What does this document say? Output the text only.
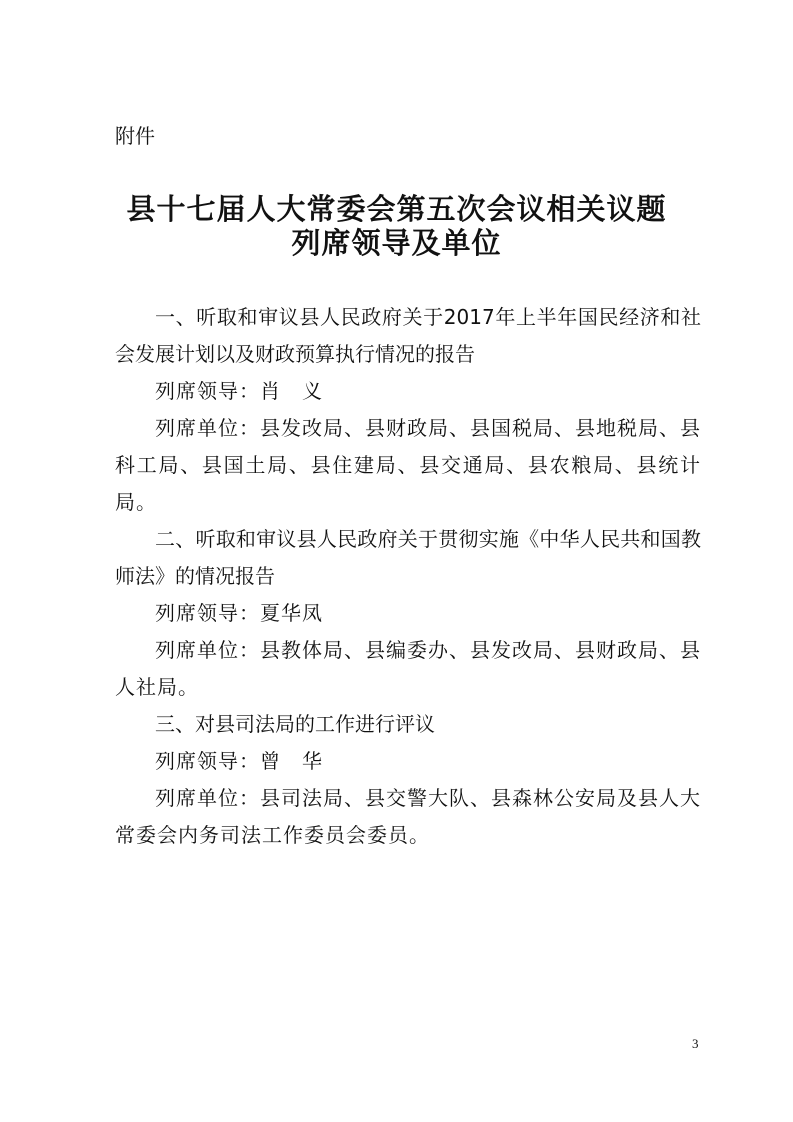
附件
县十七届人大常委会第五次会议相关议题
列席领导及单位

一、听取和审议县人民政府关于2017年上半年国民经济和社会发展计划以及财政预算执行情况的报告

列席领导：肖　义

列席单位：县发改局、县财政局、县国税局、县地税局、县科工局、县国土局、县住建局、县交通局、县农粮局、县统计局。

二、听取和审议县人民政府关于贯彻实施《中华人民共和国教师法》的情况报告

列席领导：夏华凤

列席单位：县教体局、县编委办、县发改局、县财政局、县人社局。

三、对县司法局的工作进行评议

列席领导：曾　华

列席单位：县司法局、县交警大队、县森林公安局及县人大常委会内务司法工作委员会委员。

3
